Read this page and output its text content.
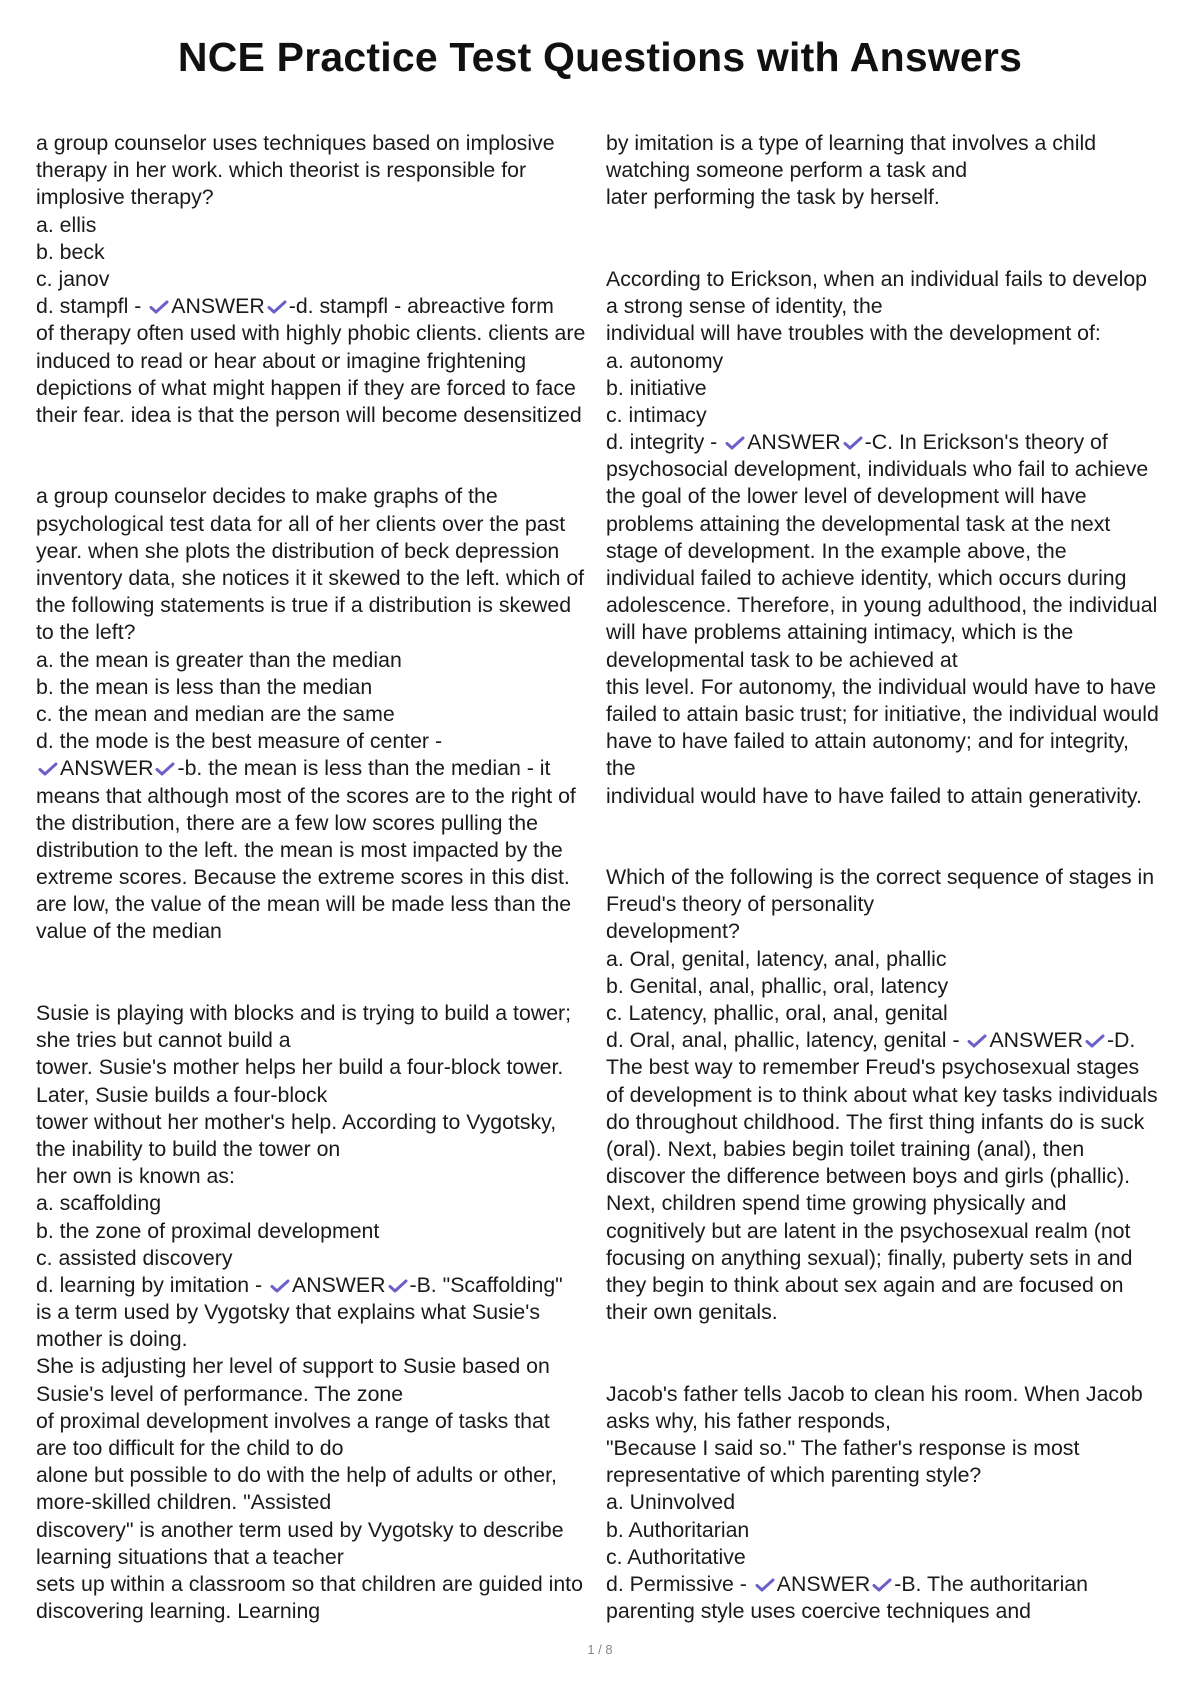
NCE Practice Test Questions with Answers
a group counselor uses techniques based on implosive
therapy in her work. which theorist is responsible for
implosive therapy?
a. ellis
b. beck
c. janov
d. stampfl -
ANSWER -d. stampfl - abreactive form
of therapy often used with highly phobic clients. clients are
induced to read or hear about or imagine frightening
depictions of what might happen if they are forced to face
their fear. idea is that the person will become desensitized
a group counselor decides to make graphs of the
psychological test data for all of her clients over the past
year. when she plots the distribution of beck depression
inventory data, she notices it it skewed to the left. which of
the following statements is true if a distribution is skewed
to the left?
a. the mean is greater than the median
b. the mean is less than the median
c. the mean and median are the same
d. the mode is the best measure of center -
ANSWER -b. the mean is less than the median - it
means that although most of the scores are to the right of
the distribution, there are a few low scores pulling the
distribution to the left. the mean is most impacted by the
extreme scores. Because the extreme scores in this dist.
are low, the value of the mean will be made less than the
value of the median
Susie is playing with blocks and is trying to build a tower;
she tries but cannot build a
tower. Susie's mother helps her build a four-block tower.
Later, Susie builds a four-block
tower without her mother's help. According to Vygotsky,
the inability to build the tower on
her own is known as:
a. scaffolding
b. the zone of proximal development
c. assisted discovery
d. learning by imitation -
ANSWER -B. "Scaffolding"
is a term used by Vygotsky that explains what Susie's
mother is doing.
She is adjusting her level of support to Susie based on
Susie's level of performance. The zone
of proximal development involves a range of tasks that
are too difficult for the child to do
alone but possible to do with the help of adults or other,
more-skilled children. "Assisted
discovery" is another term used by Vygotsky to describe
learning situations that a teacher
sets up within a classroom so that children are guided into
discovering learning. Learning
by imitation is a type of learning that involves a child
watching someone perform a task and
later performing the task by herself.
According to Erickson, when an individual fails to develop
a strong sense of identity, the
individual will have troubles with the development of:
a. autonomy
b. initiative
c. intimacy
d. integrity -
ANSWER -C. In Erickson's theory of
psychosocial development, individuals who fail to achieve
the goal of the lower level of development will have
problems attaining the developmental task at the next
stage of development. In the example above, the
individual failed to achieve identity, which occurs during
adolescence. Therefore, in young adulthood, the individual
will have problems attaining intimacy, which is the
developmental task to be achieved at
this level. For autonomy, the individual would have to have
failed to attain basic trust; for initiative, the individual would
have to have failed to attain autonomy; and for integrity,
the
individual would have to have failed to attain generativity.
Which of the following is the correct sequence of stages in
Freud's theory of personality
development?
a. Oral, genital, latency, anal, phallic
b. Genital, anal, phallic, oral, latency
c. Latency, phallic, oral, anal, genital
d. Oral, anal, phallic, latency, genital -
ANSWER -D.
The best way to remember Freud's psychosexual stages
of development is to think about what key tasks individuals
do throughout childhood. The first thing infants do is suck
(oral). Next, babies begin toilet training (anal), then
discover the difference between boys and girls (phallic).
Next, children spend time growing physically and
cognitively but are latent in the psychosexual realm (not
focusing on anything sexual); finally, puberty sets in and
they begin to think about sex again and are focused on
their own genitals.
Jacob's father tells Jacob to clean his room. When Jacob
asks why, his father responds,
"Because I said so." The father's response is most
representative of which parenting style?
a. Uninvolved
b. Authoritarian
c. Authoritative
d. Permissive -
ANSWER -B. The authoritarian
parenting style uses coercive techniques and
1 / 8
